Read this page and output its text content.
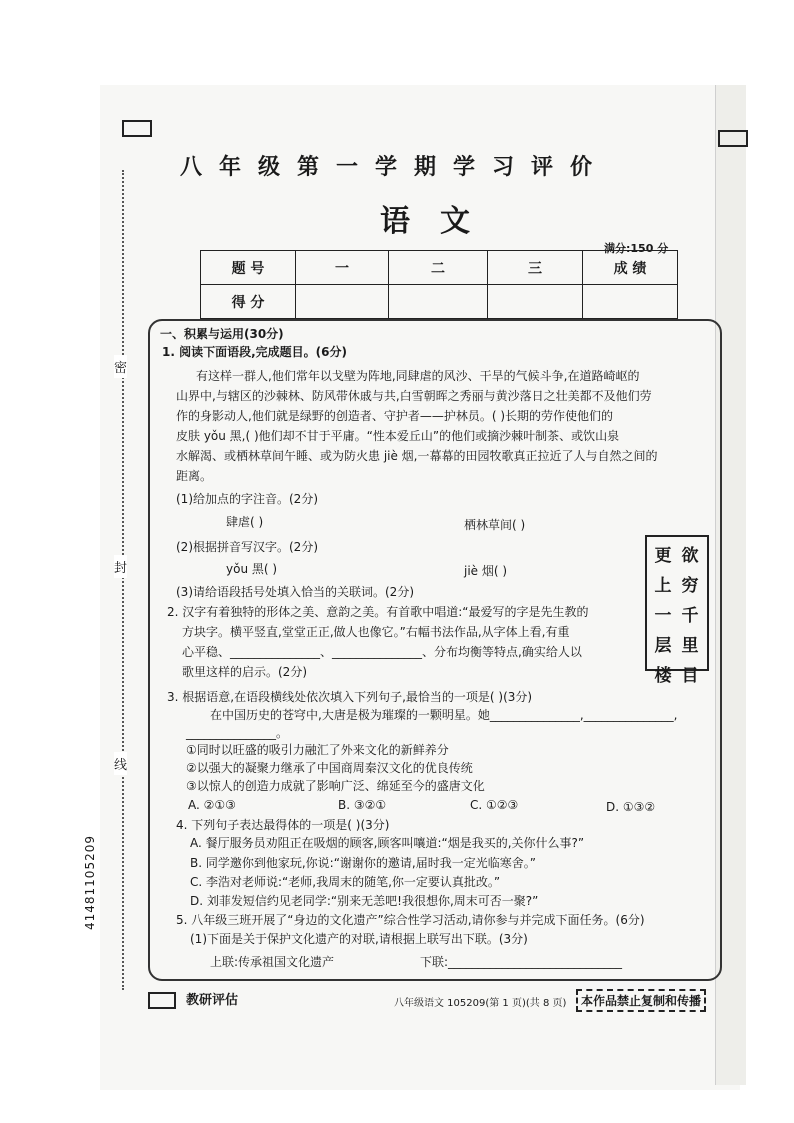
八年级第一学期学习评价
语文
满分:150 分
题 号	一	二	三	成 绩
得 分				
密
封
线
41481105209
一、积累与运用(30分)
1. 阅读下面语段,完成题目。(6分)
有这样一群人,他们常年以戈壁为阵地,同肆虐的风沙、干旱的气候斗争,在道路崎岖的
山界中,与辖区的沙棘林、防风带休戚与共,白雪朝晖之秀丽与黄沙落日之壮美都不及他们劳
作的身影动人,他们就是绿野的创造者、守护者——护林员。( )长期的劳作使他们的
皮肤 yǒu 黑,( )他们却不甘于平庸。“性本爱丘山”的他们或摘沙棘叶制茶、或饮山泉
水解渴、或栖林草间午睡、或为防火患 jiè 烟,一幕幕的田园牧歌真正拉近了人与自然之间的
距离。
(1)给加点的字注音。(2分)
肆虐( )	栖林草间( )
(2)根据拼音写汉字。(2分)
yǒu 黑( )	jiè 烟( )
(3)请给语段括号处填入恰当的关联词。(2分)
2. 汉字有着独特的形体之美、意韵之美。有首歌中唱道:“最爱写的字是先生教的
方块字。横平竖直,堂堂正正,做人也像它。”右幅书法作品,从字体上看,有重
心平稳、_______________、_______________、分布均衡等特点,确实给人以
歌里这样的启示。(2分)
更上一层楼
欲穷千里目
3. 根据语意,在语段横线处依次填入下列句子,最恰当的一项是( )(3分)
在中国历史的苍穹中,大唐是极为璀璨的一颗明星。她_______________,_______________,
_______________。
①同时以旺盛的吸引力融汇了外来文化的新鲜养分
②以强大的凝聚力继承了中国商周秦汉文化的优良传统
③以惊人的创造力成就了影响广泛、绵延至今的盛唐文化
A. ②①③	B. ③②①	C. ①②③	D. ①③②
4. 下列句子表达最得体的一项是( )(3分)
A. 餐厅服务员劝阻正在吸烟的顾客,顾客叫嚷道:“烟是我买的,关你什么事?”
B. 同学邀你到他家玩,你说:“谢谢你的邀请,届时我一定光临寒舍。”
C. 李浩对老师说:“老师,我周末的随笔,你一定要认真批改。”
D. 刘菲发短信约见老同学:“别来无恙吧!我很想你,周末可否一聚?”
5. 八年级三班开展了“身边的文化遗产”综合性学习活动,请你参与并完成下面任务。(6分)
(1)下面是关于保护文化遗产的对联,请根据上联写出下联。(3分)
上联:传承祖国文化遗产	下联:_____________________________
教研评估	八年级语文 105209(第 1 页)(共 8 页)	本作品禁止复制和传播
